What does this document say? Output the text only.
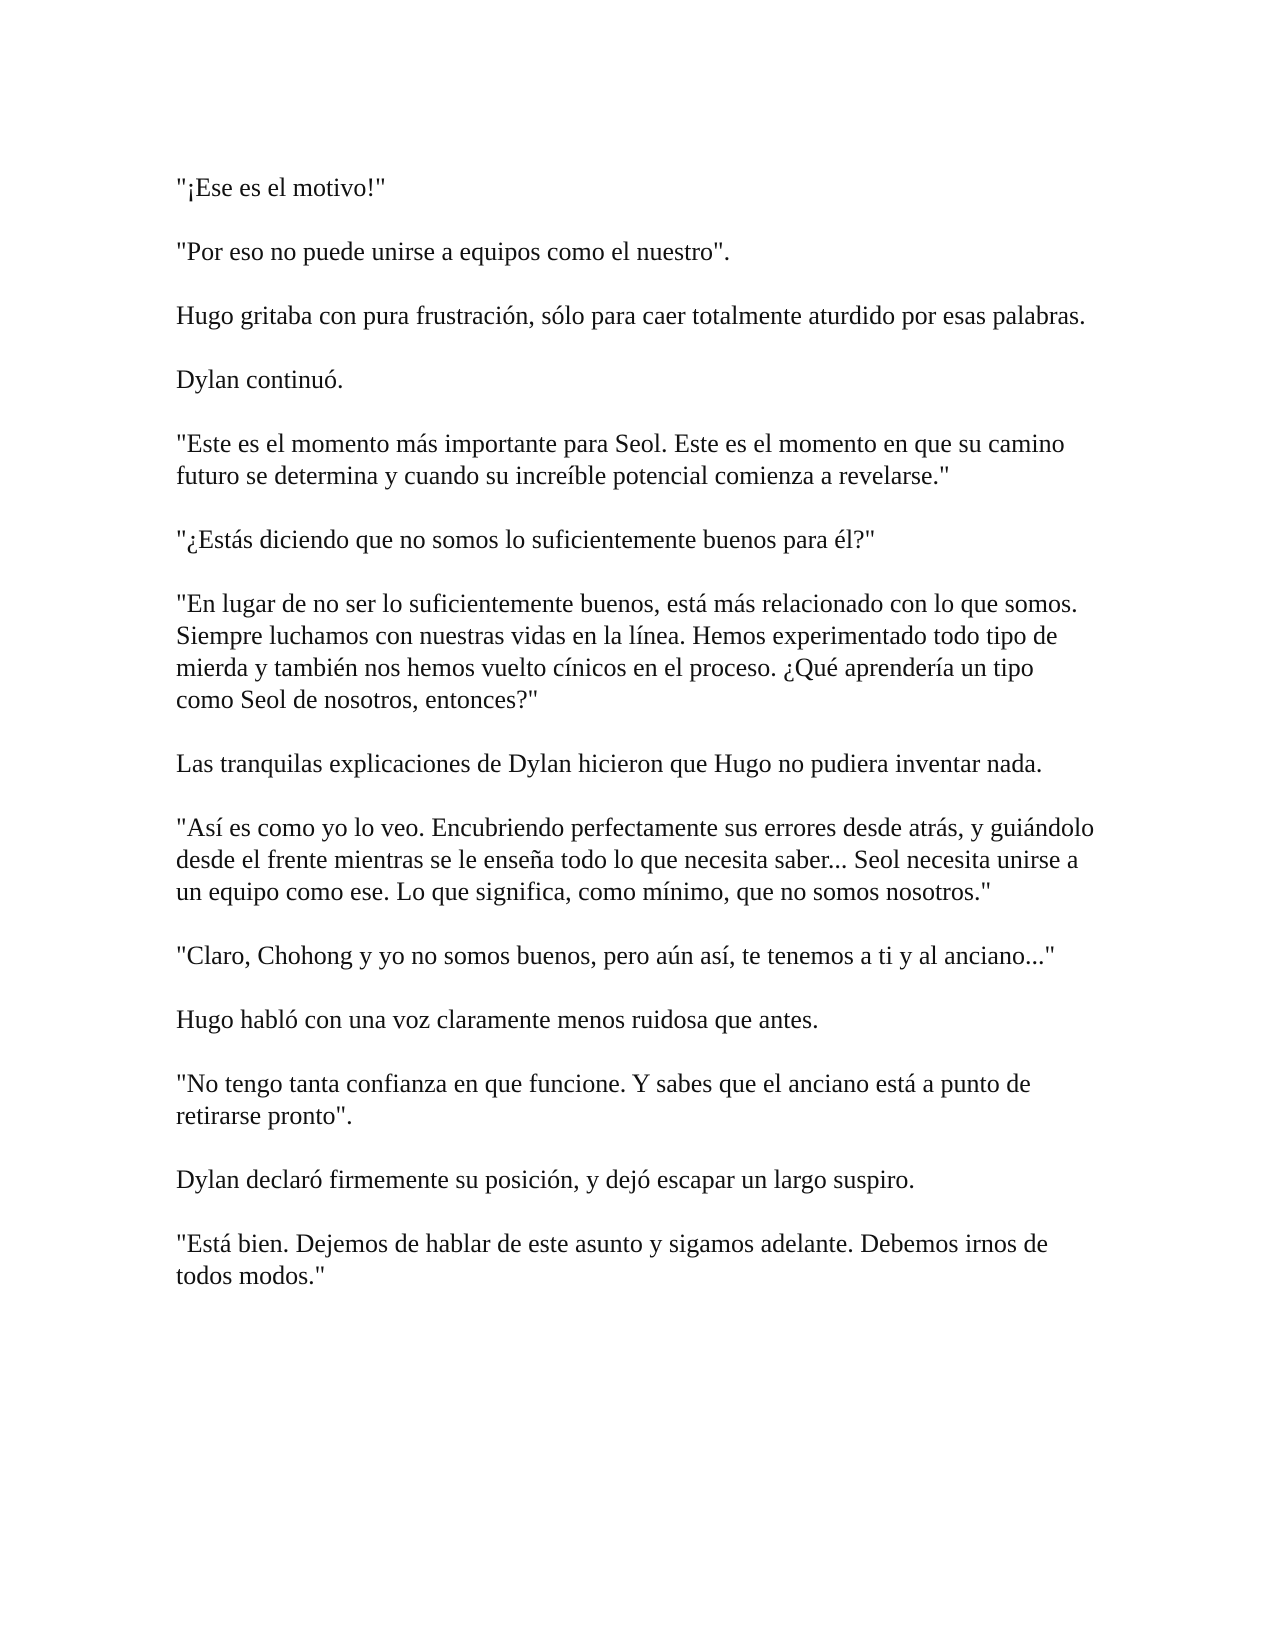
"¡Ese es el motivo!"

"Por eso no puede unirse a equipos como el nuestro".

Hugo gritaba con pura frustración, sólo para caer totalmente aturdido por esas palabras.

Dylan continuó.

"Este es el momento más importante para Seol. Este es el momento en que su camino futuro se determina y cuando su increíble potencial comienza a revelarse."

"¿Estás diciendo que no somos lo suficientemente buenos para él?"

"En lugar de no ser lo suficientemente buenos, está más relacionado con lo que somos. Siempre luchamos con nuestras vidas en la línea. Hemos experimentado todo tipo de mierda y también nos hemos vuelto cínicos en el proceso. ¿Qué aprendería un tipo como Seol de nosotros, entonces?"

Las tranquilas explicaciones de Dylan hicieron que Hugo no pudiera inventar nada.

"Así es como yo lo veo. Encubriendo perfectamente sus errores desde atrás, y guiándolo desde el frente mientras se le enseña todo lo que necesita saber... Seol necesita unirse a un equipo como ese. Lo que significa, como mínimo, que no somos nosotros."

"Claro, Chohong y yo no somos buenos, pero aún así, te tenemos a ti y al anciano..."

Hugo habló con una voz claramente menos ruidosa que antes.

"No tengo tanta confianza en que funcione. Y sabes que el anciano está a punto de retirarse pronto".

Dylan declaró firmemente su posición, y dejó escapar un largo suspiro.

"Está bien. Dejemos de hablar de este asunto y sigamos adelante. Debemos irnos de todos modos."
